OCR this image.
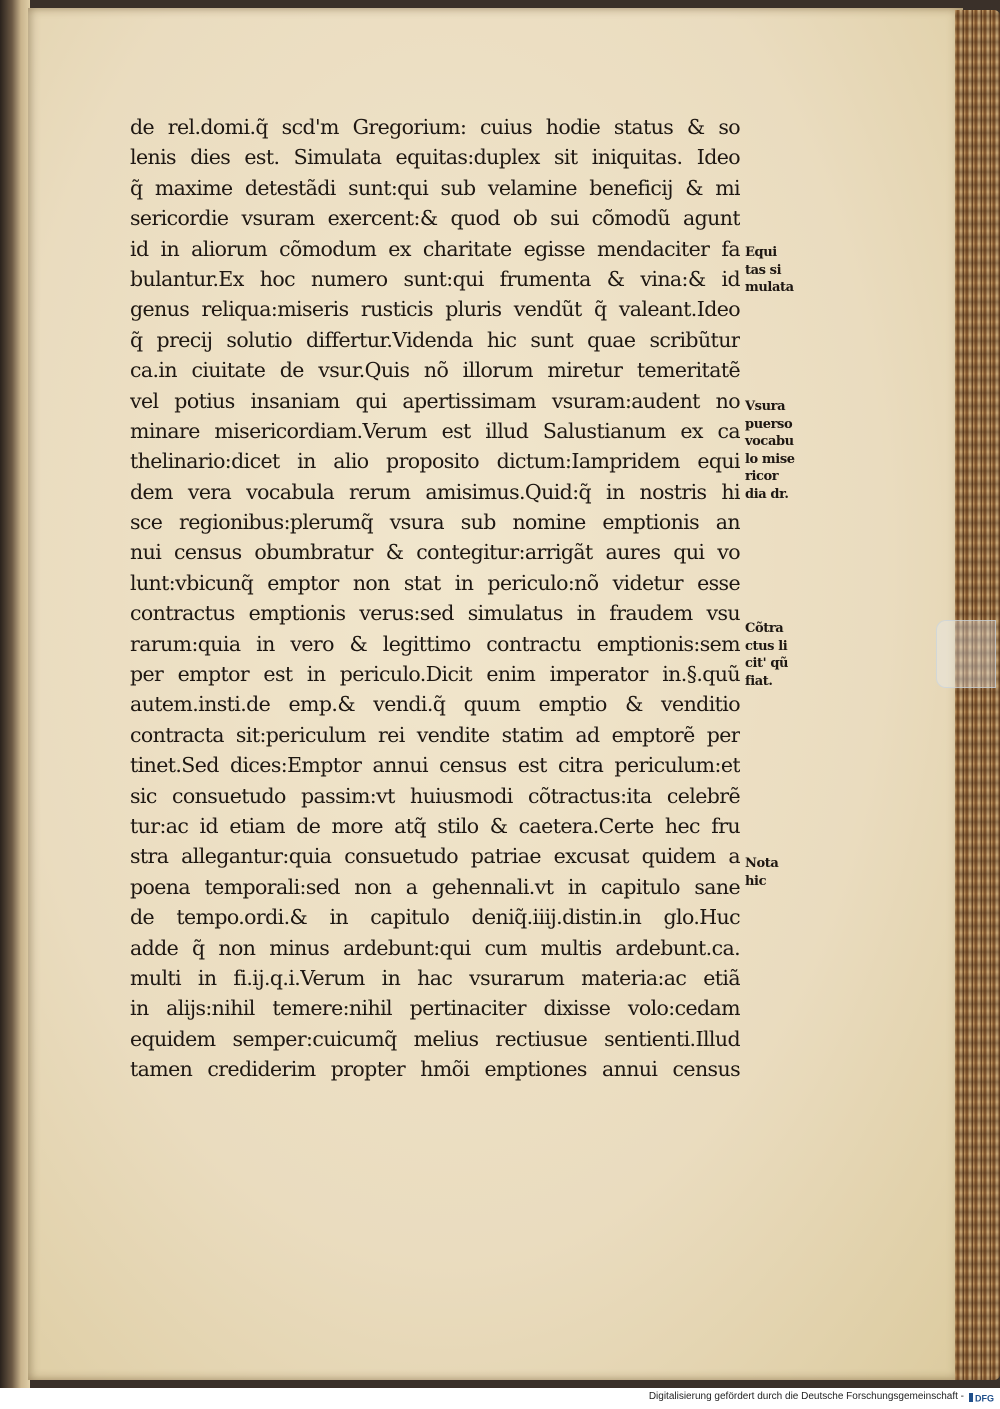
de rel.domi.q̃ scd'm Gregorium: cuius hodie status & so
lenis dies est. Simulata equitas:duplex sit iniquitas. Ideo
q̃ maxime detestãdi sunt:qui sub velamine beneficij & mi
sericordie vsuram exercent:& quod ob sui cõmodũ agunt
id in aliorum cõmodum ex charitate egisse mendaciter fa
bulantur.Ex hoc numero sunt:qui frumenta & vina:& id
genus reliqua:miseris rusticis pluris vendũt q̃ valeant.Ideo
q̃ precij solutio differtur.Videnda hic sunt quae scribũtur
ca.in ciuitate de vsur.Quis nõ illorum miretur temeritatẽ
vel potius insaniam qui apertissimam vsuram:audent no
minare misericordiam.Verum est illud Salustianum ex ca
thelinario:dicet in alio proposito dictum:Iampridem equi
dem vera vocabula rerum amisimus.Quid:q̃ in nostris hi
sce regionibus:plerumq̃ vsura sub nomine emptionis an
nui census obumbratur & contegitur:arrigãt aures qui vo
lunt:vbicunq̃ emptor non stat in periculo:nõ videtur esse
contractus emptionis verus:sed simulatus in fraudem vsu
rarum:quia in vero & legittimo contractu emptionis:sem
per emptor est in periculo.Dicit enim imperator in.§.quũ
autem.insti.de emp.& vendi.q̃ quum emptio & venditio
contracta sit:periculum rei vendite statim ad emptorẽ per
tinet.Sed dices:Emptor annui census est citra periculum:et
sic consuetudo passim:vt huiusmodi cõtractus:ita celebrẽ
tur:ac id etiam de more atq̃ stilo & caetera.Certe hec fru
stra allegantur:quia consuetudo patriae excusat quidem a
poena temporali:sed non a gehennali.vt in capitulo sane
de tempo.ordi.& in capitulo deniq̃.iiij.distin.in glo.Huc
adde q̃ non minus ardebunt:qui cum multis ardebunt.ca.
multi in fi.ij.q.i.Verum in hac vsurarum materia:ac etiã
in alijs:nihil temere:nihil pertinaciter dixisse volo:cedam
equidem semper:cuicumq̃ melius rectiusue sentienti.Illud
tamen crediderim propter hmõi emptiones annui census
Equi
tas si
mulata
Vsura
puerso
vocabu
lo mise
ricor
dia dr.
Cõtra
ctus li
cit' qũ
fiat.
Nota
hic
Digitalisierung gefördert durch die Deutsche Forschungsgemeinschaft - DFG
